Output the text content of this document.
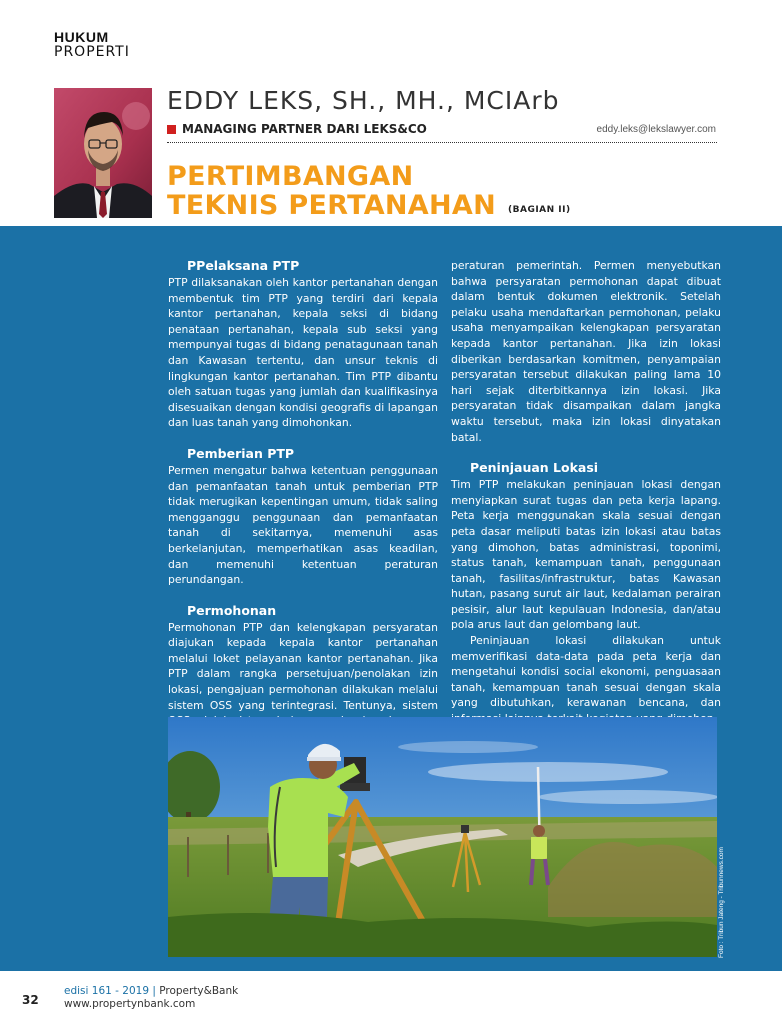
HUKUM
PROPERTI
EDDY LEKS, SH., MH., MCIArb
MANAGING PARTNER DARI LEKS&CO	eddy.leks@lekslawyer.com
PERTIMBANGAN
TEKNIS PERTANAHAN (BAGIAN II)
PPelaksana PTP

PTP dilaksanakan oleh kantor pertanahan dengan membentuk tim PTP yang terdiri dari kepala kantor pertanahan, kepala seksi di bidang penataan pertanahan, kepala sub seksi yang mempunyai tugas di bidang penatagunaan tanah dan Kawasan tertentu, dan unsur teknis di lingkungan kantor pertanahan. Tim PTP dibantu oleh satuan tugas yang jumlah dan kualifikasinya disesuaikan dengan kondisi geografis di lapangan dan luas tanah yang dimohonkan.

Pemberian PTP

Permen mengatur bahwa ketentuan penggunaan dan pemanfaatan tanah untuk pemberian PTP tidak merugikan kepentingan umum, tidak saling mengganggu penggunaan dan pemanfaatan tanah di sekitarnya, memenuhi asas berkelanjutan, memperhatikan asas keadilan, dan memenuhi ketentuan peraturan perundangan.

Permohonan

Permohonan PTP dan kelengkapan persyaratan diajukan kepada kepala kantor pertanahan melalui loket pelayanan kantor pertanahan. Jika PTP dalam rangka persetujuan/penolakan izin lokasi, pengajuan permohonan dilakukan melalui sistem OSS yang terintegrasi. Tentunya, sistem

peraturan pemerintah. Permen menyebutkan bahwa persyaratan permohonan dapat dibuat dalam bentuk dokumen elektronik. Setelah pelaku usaha mendaftarkan permohonan, pelaku usaha menyampaikan kelengkapan persyaratan kepada kantor pertanahan. Jika izin lokasi diberikan berdasarkan komitmen, penyampaian persyaratan tersebut dilakukan paling lama 10 hari sejak diterbitkannya izin lokasi. Jika persyaratan tidak disampaikan dalam jangka waktu tersebut, maka izin lokasi dinyatakan batal.

Peninjauan Lokasi

Tim PTP melakukan peninjauan lokasi dengan menyiapkan surat tugas dan peta kerja lapang. Peta kerja menggunakan skala sesuai dengan peta dasar meliputi batas izin lokasi atau batas yang dimohon, batas administrasi, toponimi, status tanah, kemampuan tanah, penggunaan tanah, fasilitas/infrastruktur, batas Kawasan hutan, pasang surut air laut, kedalaman perairan pesisir, alur laut kepulauan Indonesia, dan/atau pola arus laut dan gelombang laut.

Peninjauan lokasi dilakukan untuk memverifikasi data-data pada peta kerja dan mengetahui kondisi social ekonomi, penguasaan tanah, kemampuan tanah sesuai dengan skala yang dibutuhkan, kerawanan bencana, dan

Foto : Tribun Jateng - Tribunnews.com
32
edisi 161 - 2019 | Property&Bank
www.propertynbank.com
